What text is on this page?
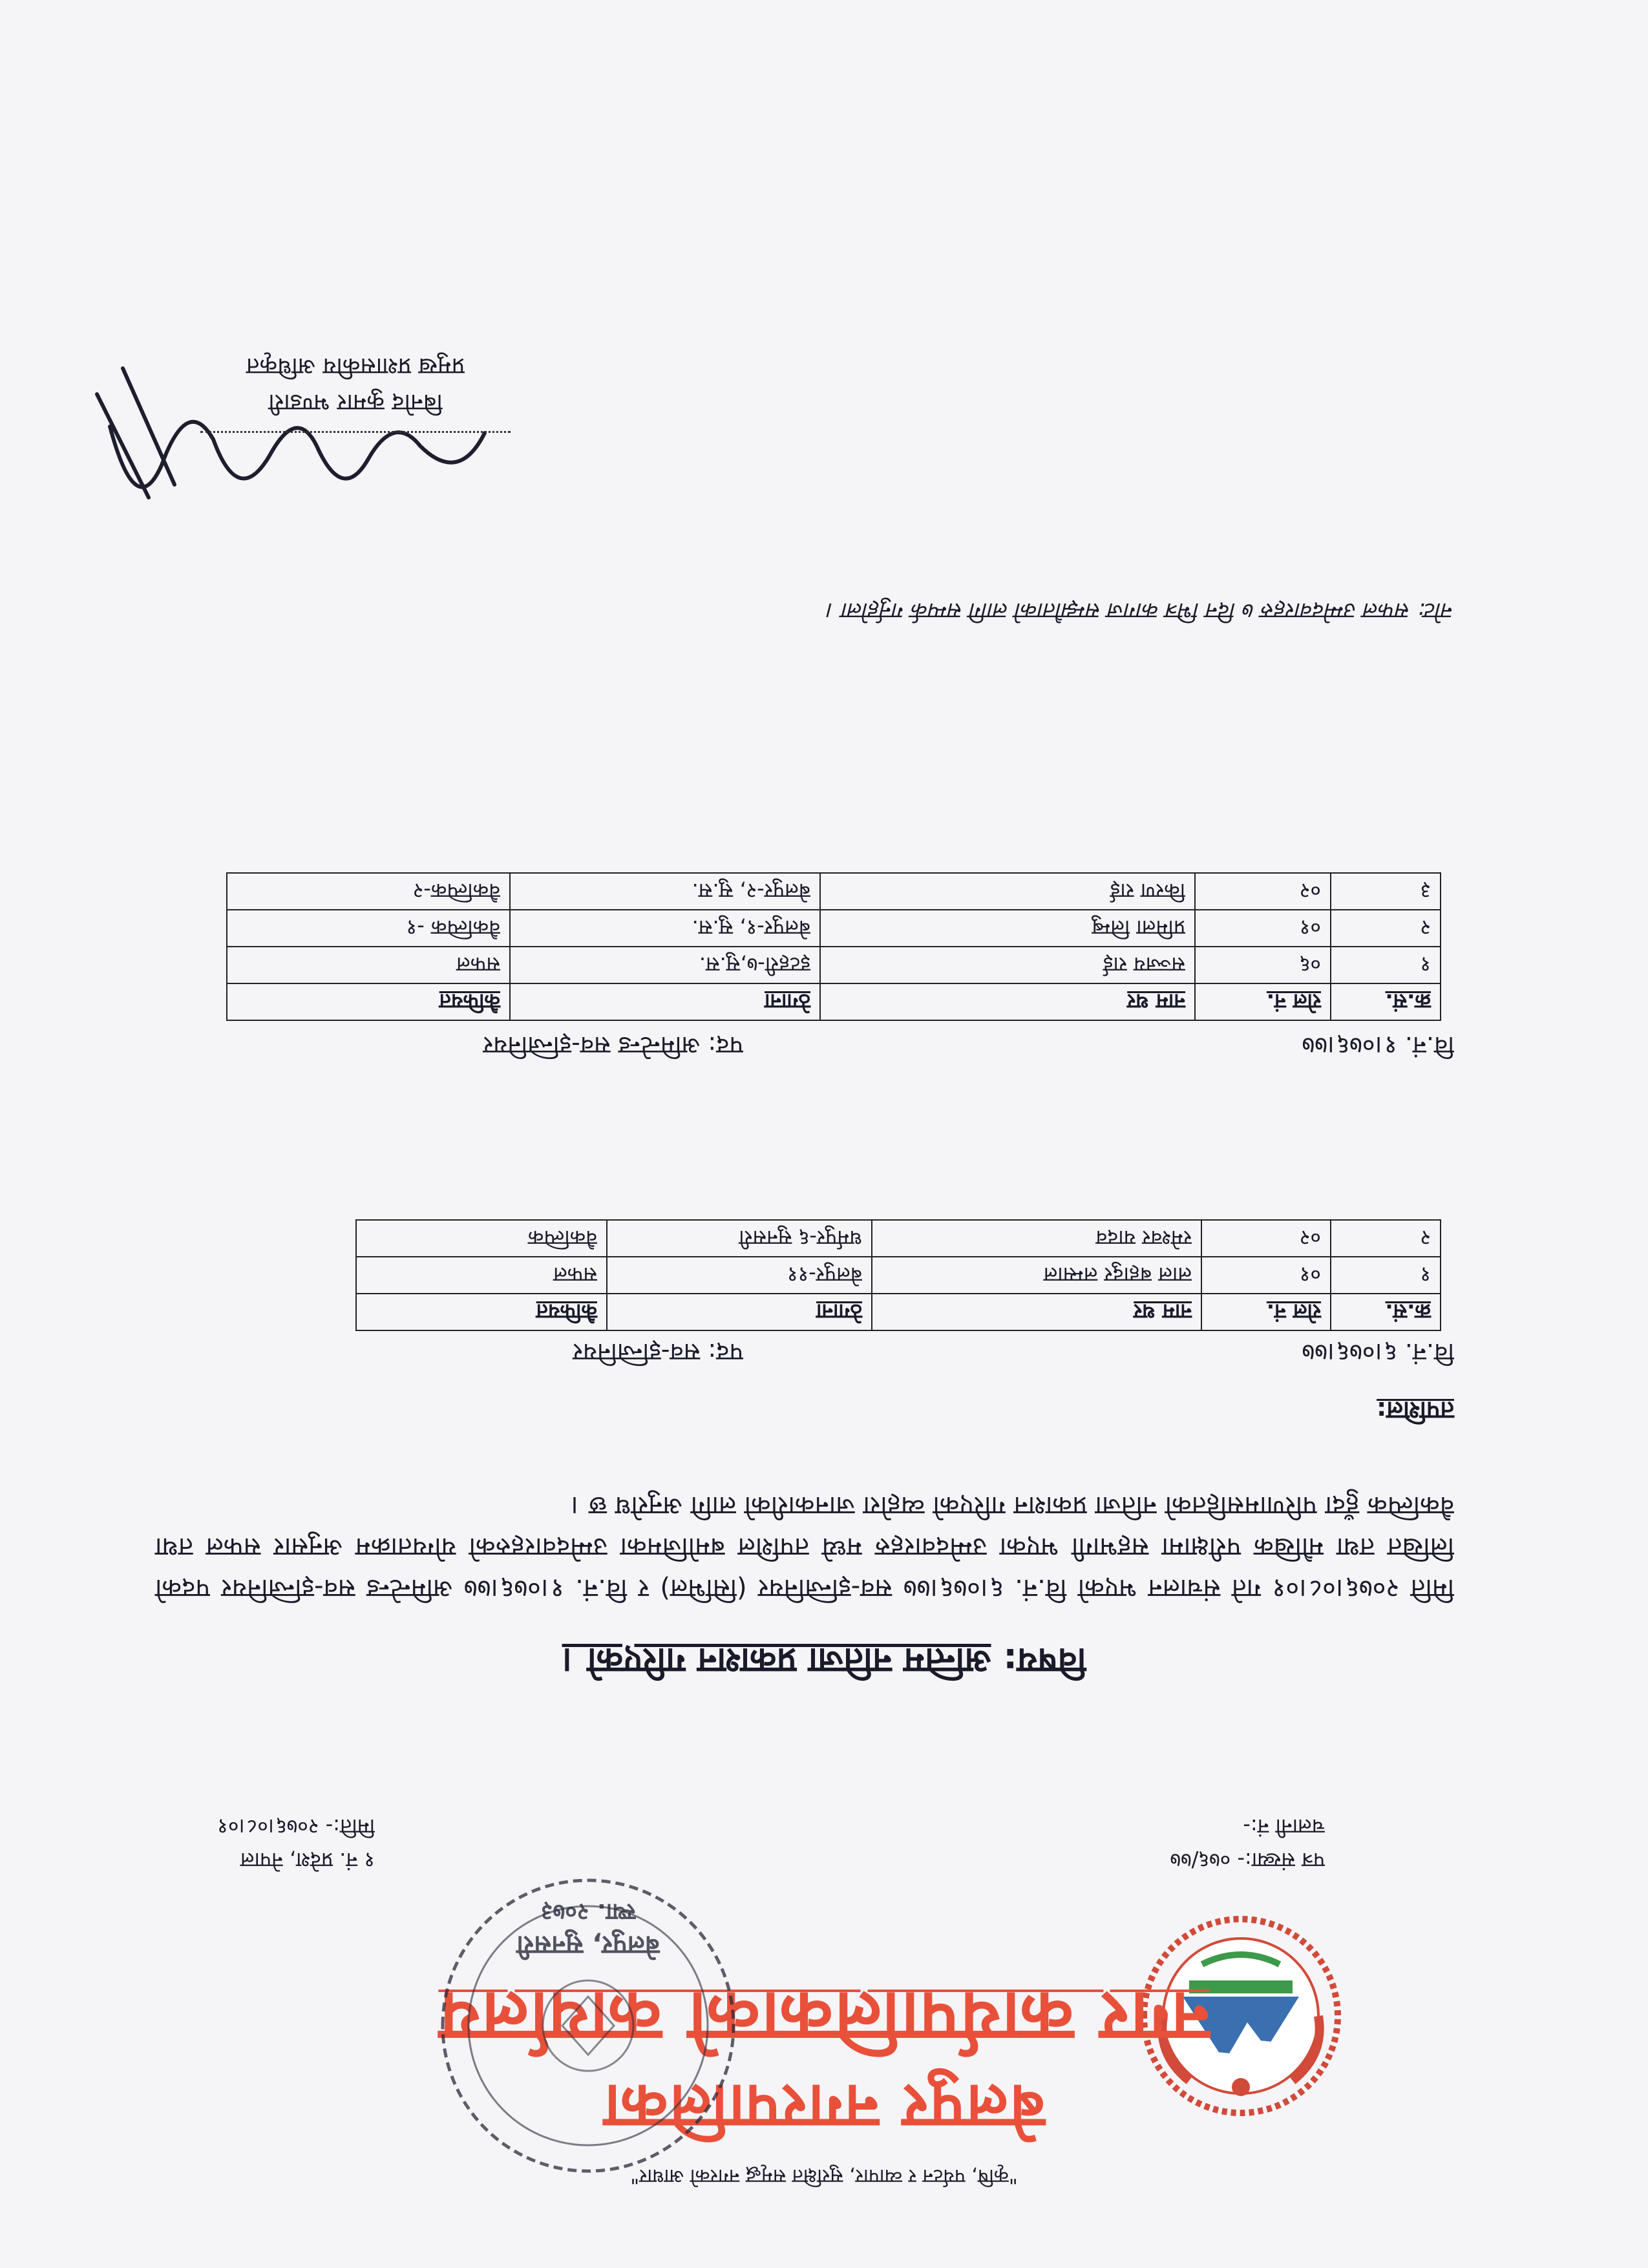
"कृषि, पर्यटन र व्यापार, सुरक्षित समृद्ध नगरको आधार"
बेलपुर नगरपालिका
नगर कार्यपालिकाको कार्यालय
बेलपुर, सुनसरी
स्था. २०७३
पत्र संख्या:- ०७६/७७
चलानी नं:-
१ नं. प्रदेश, नेपाल
मिति:- २०७६।०८।०१
विषय: अन्तिम नतिजा प्रकाशन गरिएको ।
मिति २०७६।०८।०१ गते संचालन भएको वि.नं. ६।०७६।७७ सव-इन्जिनियर (सिभिल) र वि.नं. १।०७६।७७ अमिन्टेन्ड सव-इन्जिनियर पदको लिखित तथा मौखिक परीक्षामा सहभागी भएका उम्मेदवारहरु मध्ये तपशिल बमोजिमका उम्मेदवारहरुको योग्यताक्रम अनुसार सफल तथा वैकल्पिक हुँदा परिणामसहितको नतिजा प्रकाशन गरिएको व्यहोरा जानकारीको लागि अनुरोध छ ।
तपशिल:
वि.नं. ६।०७६।७७
पद: सव-इन्जिनियर
क्र.सं.	रोल नं.	नाम थर	ठेगाना	कैफियत
१	०१	लाल बहादुर लम्साल	बेलपुर-११	सफल
२	०२	रमेश्वर यादव	धर्मपुर-६ सुनसरी	वैकल्पिक
वि.नं. १।०७६।७७
पद: अमिन्टेन्ड सव-इन्जिनियर
क्र.सं.	रोल नं.	नाम थर	ठेगाना	कैफियत
१	०६	सञ्जय राई	इटहरी-७,सु.स.	सफल
२	०१	प्रमिला लिम्बु	बेलपुर-१, सु.स.	वैकल्पिक -१
३	०२	किरण राई	बेलपुर-२, सु.स.	वैकल्पिक-२
नोट: सफल उम्मेदवारहरु ७ दिन भित्र कागज सम्झौताको लागि सम्पर्क गर्नुहोला ।
बिनोद कुमार भण्डारी
प्रमुख प्रशासकीय अधिकृत
